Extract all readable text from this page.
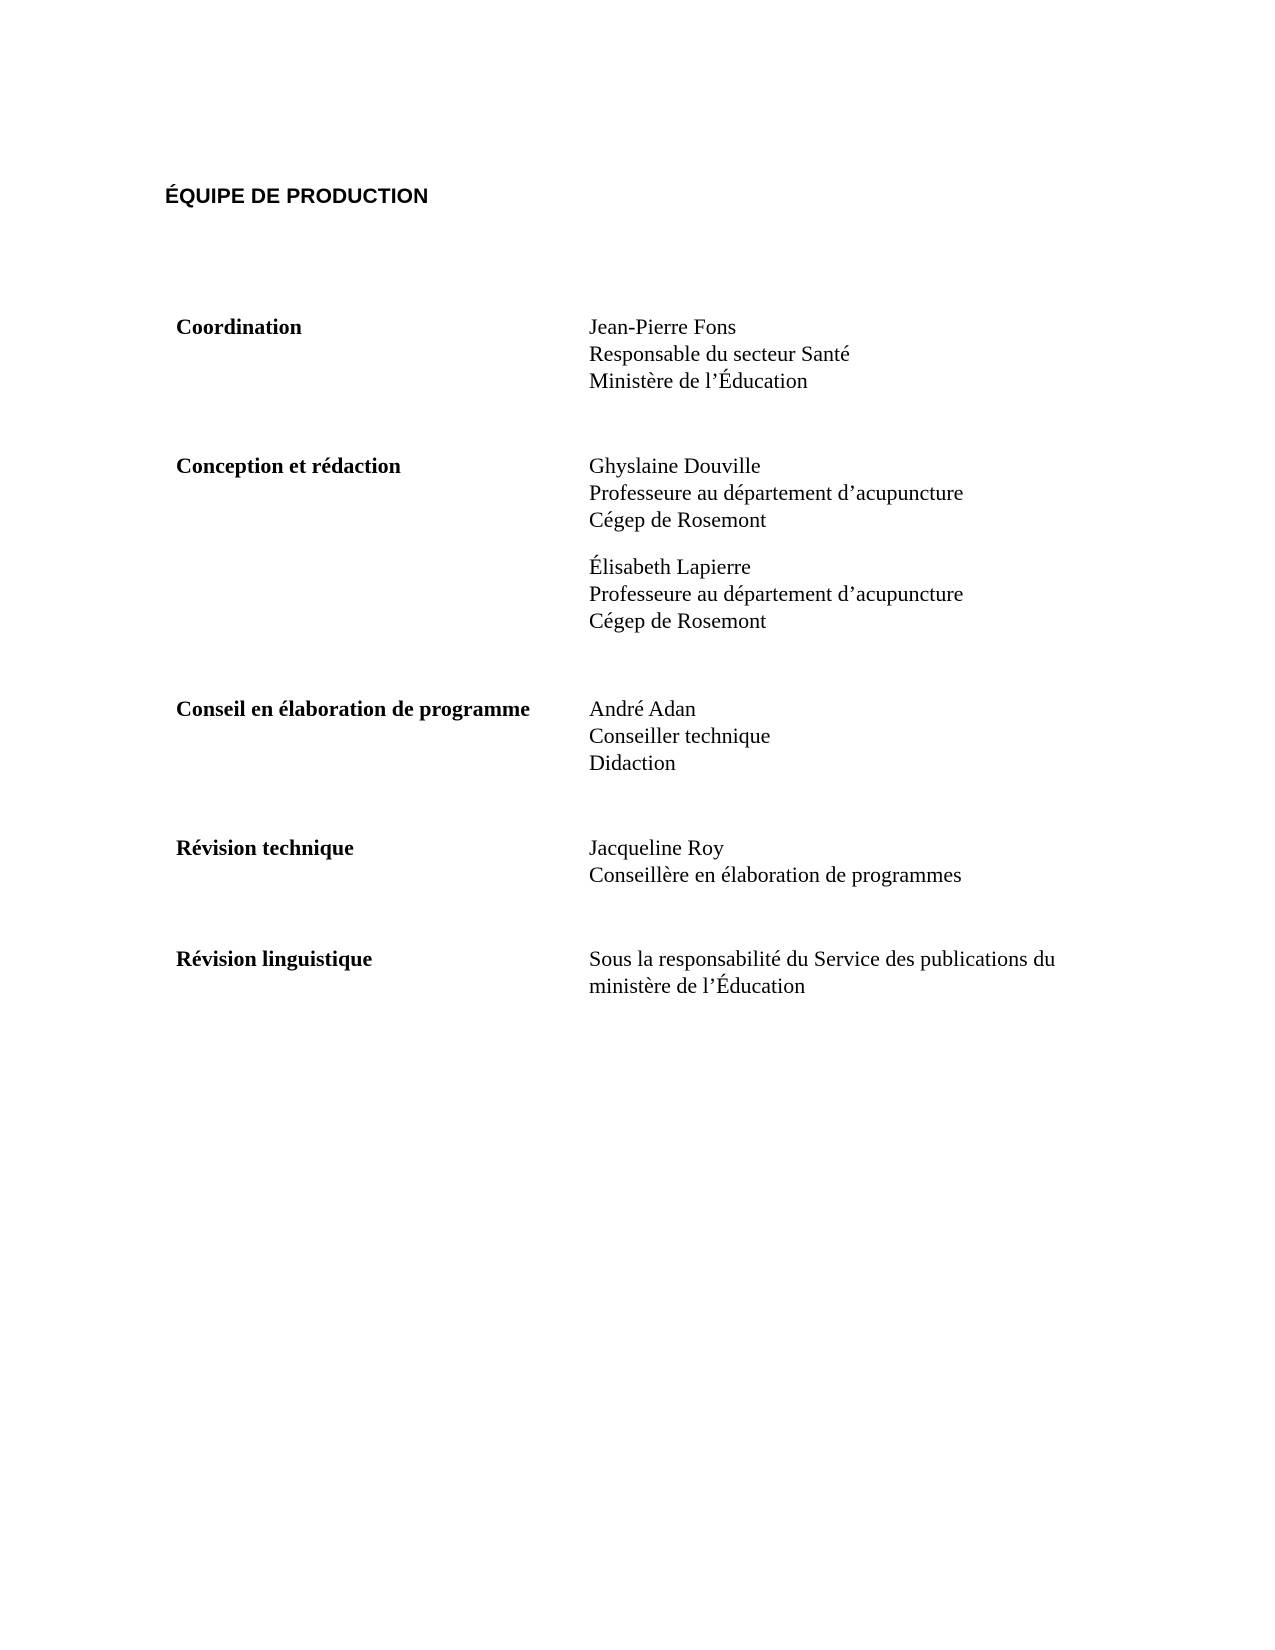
ÉQUIPE DE PRODUCTION
Coordination	Jean-Pierre Fons
Responsable du secteur Santé
Ministère de l’Éducation
Conception et rédaction	Ghyslaine Douville
Professeure au département d’acupuncture
Cégep de Rosemont
Élisabeth Lapierre
Professeure au département d’acupuncture
Cégep de Rosemont
Conseil en élaboration de programme	André Adan
Conseiller technique
Didaction
Révision technique	Jacqueline Roy
Conseillère en élaboration de programmes
Révision linguistique	Sous la responsabilité du Service des publications du ministère de l’Éducation
